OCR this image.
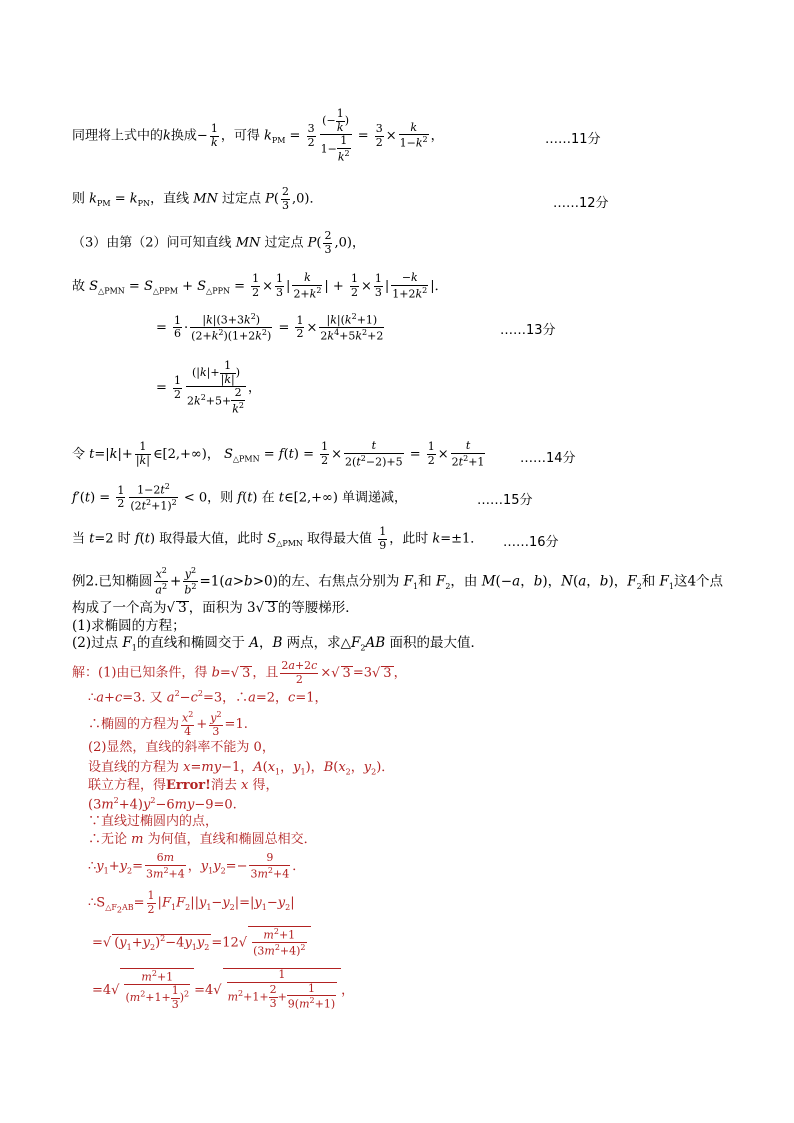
同理将上式中的k换成− $\frac{1}{k}$ ，可得 $k_{PM} = \frac{3}{2} \frac{(- \frac{1}{k} )}{1- \frac{1}{k^2}} = \frac{3}{2} \times \frac{k}{1-k^2}$ ，	……11分
则 $k_{PM} = k_{PN}$，直线 MN 过定点 $P( \frac{2}{3} ,0)$．	……12分
（3）由第（2）问可知直线 MN 过定点 $P( \frac{2}{3} ,0)$，
故 $S_{\triangle PMN} = S_{\triangle PPM} + S_{\triangle PPN} = \frac{1}{2} \times \frac{1}{3}$ | $\frac{k}{2+k^2}$ | + $\frac{1}{2} \times \frac{1}{3}$ | $\frac{-k}{1+2k^2}$ |．
= $\frac{1}{6} \cdot \frac{|k|(3+3k^2)}{(2+k^2)(1+2k^2)} = \frac{1}{2} \times \frac{|k|(k^2+1)}{2k^4+5k^2+2}$	……13分
= $\frac{1}{2} \frac{(|k|+ \frac{1}{|k|} )}{2k^2+5+ \frac{2}{k^2}}$ ，
令 $t=|k|+ \frac{1}{|k|}$ ∈[2,+∞)， $S_{\triangle PMN} = f(t) = \frac{1}{2} \times \frac{t}{2(t^2-2)+5} = \frac{1}{2} \times \frac{t}{2t^2+1}$	……14分
$f'(t) = \frac{1}{2} \frac{1-2t^2}{(2t^2+1)^2} < 0$，则 f(t) 在 t∈[2,+∞) 单调递减，	……15分
当 t=2 时 f(t) 取得最大值，此时 $S_{\triangle PMN}$ 取得最大值 $\frac{1}{9}$ ，此时 k=±1． ……16分
例2.已知椭圆 $\frac{x^2}{a^2} + \frac{y^2}{b^2} =1(a>b>0)$的左、右焦点分别为 $F_1$和 $F_2$，由 M(−a，b)，N(a，b)，$F_2$和 $F_1$这4个点
构成了一个高为√ 3 ，面积为 3√ 3 的等腰梯形．
(1)求椭圆的方程；
(2)过点 $F_1$的直线和椭圆交于 A，B 两点，求$\triangle F_2AB$ 面积的最大值．
解：(1)由已知条件，得 b=√ 3 ，且 $\frac{2a+2c}{2}$ ×√ 3 =3√ 3 ，
∴a+c=3. 又 $a^2-c^2=3$，∴a=2，c=1，
∴椭圆的方程为 $\frac{x^2}{4} + \frac{y^2}{3} =1$.
(2)显然，直线的斜率不能为 0，
设直线的方程为 x=my−1，$A(x_1$，$y_1$)，$B(x_2$，$y_2$)．
联立方程，得Error!消去 x 得，
$(3m^2+4)y^2-6my-9=0$.
∵直线过椭圆内的点，
∴无论 m 为何值，直线和椭圆总相交．
$\therefore y_1+y_2= \frac{6m}{3m^2+4}$ ，$y_1y_2=- \frac{9}{3m^2+4}$ ．
$\therefore S_{\triangle F_2AB}= \frac{1}{2} |F_1F_2||y_1-y_2|=|y_1-y_2|$
=√ $(y_1+y_2)^2-4y_1y_2 =12√ \frac{m^2+1}{(3m^2+4)^2}$
$=4√ \frac{m^2+1}{(m^2+1+ \frac{1}{3} )^2} =4√ \frac{1}{m^2+1+ \frac{2}{3} + \frac{1}{9(m^2+1)}}$ ，
